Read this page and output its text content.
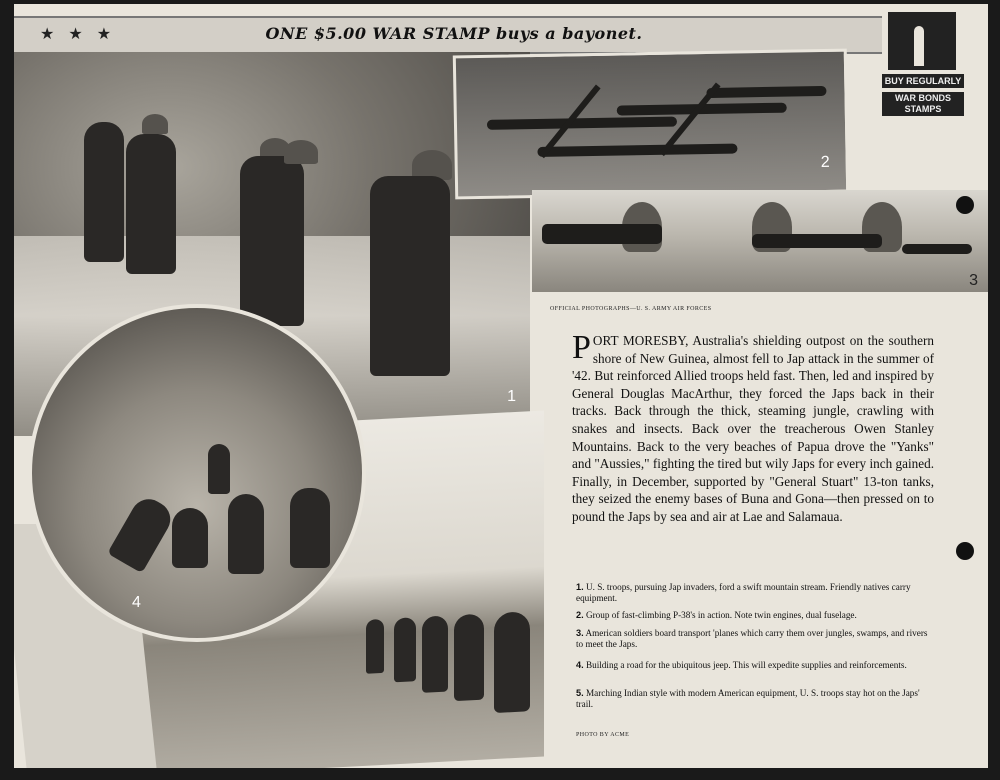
★★★	ONE $5.00 WAR STAMP buys a bayonet.
1
2
3
BUY REGULARLY
WAR BONDS
STAMPS
OFFICIAL PHOTOGRAPHS—U. S. ARMY AIR FORCES
4
PORT MORESBY, Australia's shielding outpost on the southern shore of New Guinea, almost fell to Jap attack in the summer of '42. But reinforced Allied troops held fast. Then, led and inspired by General Douglas MacArthur, they forced the Japs back in their tracks. Back through the thick, steaming jungle, crawling with snakes and insects. Back over the treacherous Owen Stanley Mountains. Back to the very beaches of Papua drove the "Yanks" and "Aussies," fighting the tired but wily Japs for every inch gained. Finally, in December, supported by "General Stuart" 13-ton tanks, they seized the enemy bases of Buna and Gona—then pressed on to pound the Japs by sea and air at Lae and Salamaua.
1. U. S. troops, pursuing Jap invaders, ford a swift mountain stream. Friendly natives carry equipment.
2. Group of fast-climbing P-38's in action. Note twin engines, dual fuselage.
3. American soldiers board transport 'planes which carry them over jungles, swamps, and rivers to meet the Japs.
4. Building a road for the ubiquitous jeep. This will expedite supplies and reinforcements.
5. Marching Indian style with modern American equipment, U. S. troops stay hot on the Japs' trail.
PHOTO BY ACME
